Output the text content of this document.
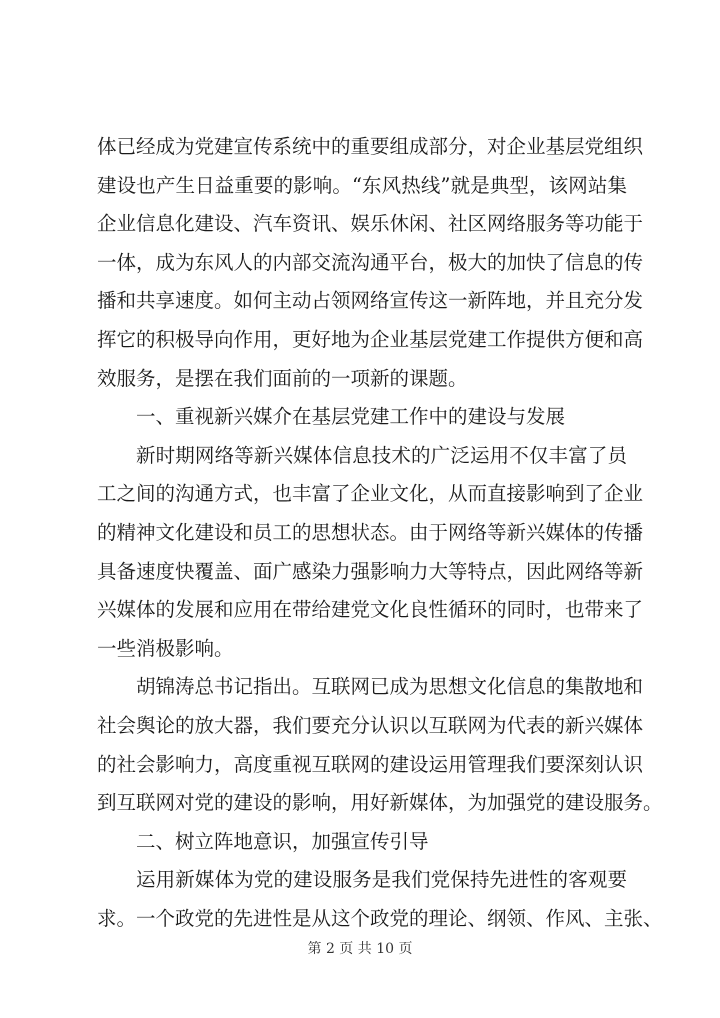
体已经成为党建宣传系统中的重要组成部分，对企业基层党组织
建设也产生日益重要的影响。“东风热线”就是典型，该网站集
企业信息化建设、汽车资讯、娱乐休闲、社区网络服务等功能于
一体，成为东风人的内部交流沟通平台，极大的加快了信息的传
播和共享速度。如何主动占领网络宣传这一新阵地，并且充分发
挥它的积极导向作用，更好地为企业基层党建工作提供方便和高
效服务，是摆在我们面前的一项新的课题。
一、重视新兴媒介在基层党建工作中的建设与发展
新时期网络等新兴媒体信息技术的广泛运用不仅丰富了员
工之间的沟通方式，也丰富了企业文化，从而直接影响到了企业
的精神文化建设和员工的思想状态。由于网络等新兴媒体的传播
具备速度快覆盖、面广感染力强影响力大等特点，因此网络等新
兴媒体的发展和应用在带给建党文化良性循环的同时，也带来了
一些消极影响。
胡锦涛总书记指出。互联网已成为思想文化信息的集散地和
社会舆论的放大器，我们要充分认识以互联网为代表的新兴媒体
的社会影响力，高度重视互联网的建设运用管理我们要深刻认识
到互联网对党的建设的影响，用好新媒体，为加强党的建设服务。
二、树立阵地意识，加强宣传引导
运用新媒体为党的建设服务是我们党保持先进性的客观要
求。一个政党的先进性是从这个政党的理论、纲领、作风、主张、
第 2 页 共 10 页
